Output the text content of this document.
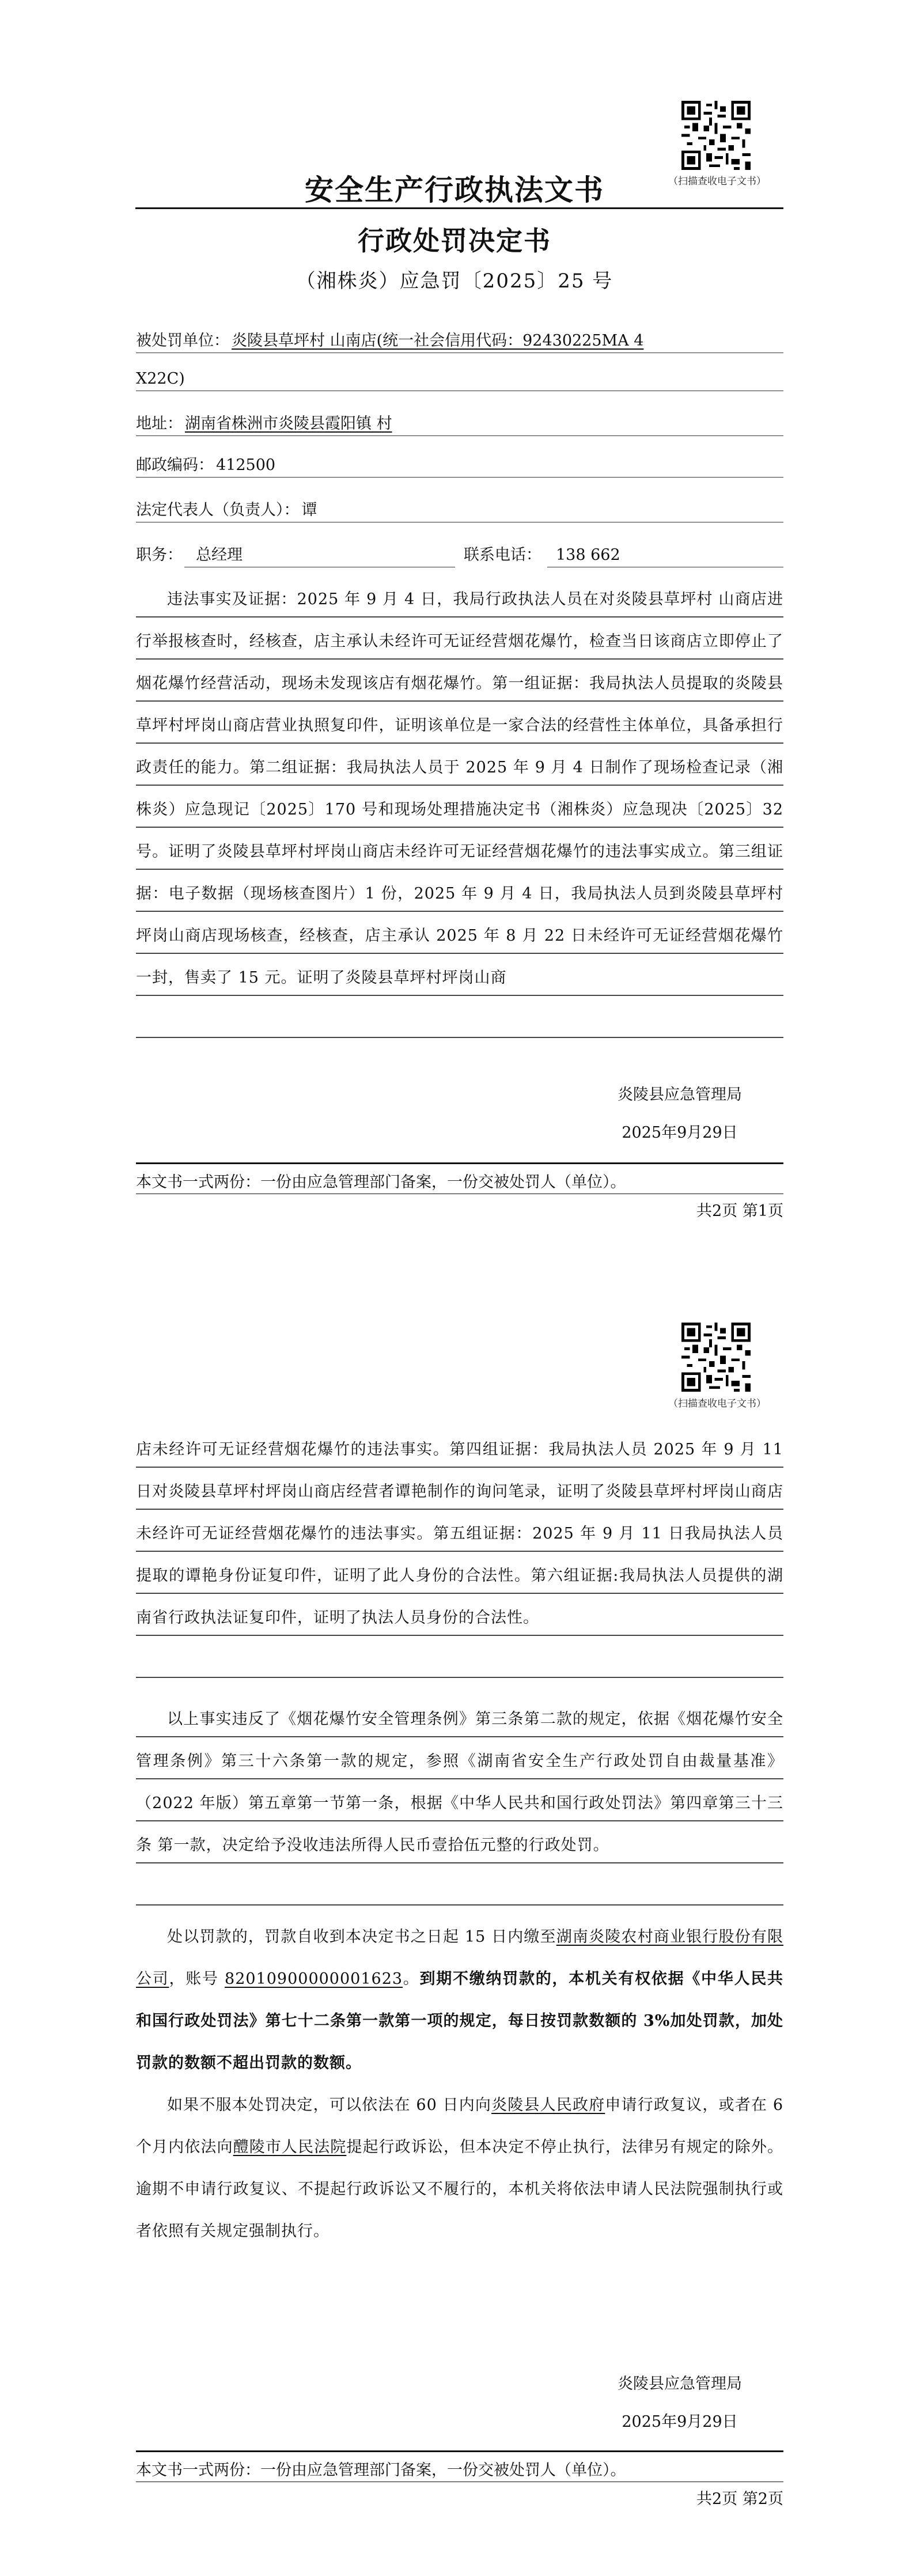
（扫描查收电子文书）
安全生产行政执法文书
行政处罚决定书
（湘株炎）应急罚〔2025〕25 号
被处罚单位： 炎陵县草坪村 山南店(统一社会信用代码：92430225MA 4
X22C)
地址： 湖南省株洲市炎陵县霞阳镇 村
邮政编码： 412500
法定代表人（负责人）： 谭
职务： 总经理	联系电话： 138 662
违法事实及证据：2025 年 9 月 4 日，我局行政执法人员在对炎陵县草坪村 山商店进行举报核查时，经核查，店主承认未经许可无证经营烟花爆竹，检查当日该商店立即停止了烟花爆竹经营活动，现场未发现该店有烟花爆竹。第一组证据：我局执法人员提取的炎陵县草坪村坪岗山商店营业执照复印件，证明该单位是一家合法的经营性主体单位，具备承担行政责任的能力。第二组证据：我局执法人员于 2025 年 9 月 4 日制作了现场检查记录（湘株炎）应急现记〔2025〕170 号和现场处理措施决定书（湘株炎）应急现决〔2025〕32 号。证明了炎陵县草坪村坪岗山商店未经许可无证经营烟花爆竹的违法事实成立。第三组证据：电子数据（现场核查图片）1 份，2025 年 9 月 4 日，我局执法人员到炎陵县草坪村坪岗山商店现场核查，经核查，店主承认 2025 年 8 月 22 日未经许可无证经营烟花爆竹一封，售卖了 15 元。证明了炎陵县草坪村坪岗山商
炎陵县应急管理局
2025年9月29日
本文书一式两份：一份由应急管理部门备案，一份交被处罚人（单位）。
共2页 第1页
（扫描查收电子文书）
店未经许可无证经营烟花爆竹的违法事实。第四组证据：我局执法人员 2025 年 9 月 11 日对炎陵县草坪村坪岗山商店经营者谭艳制作的询问笔录，证明了炎陵县草坪村坪岗山商店未经许可无证经营烟花爆竹的违法事实。第五组证据：2025 年 9 月 11 日我局执法人员提取的谭艳身份证复印件，证明了此人身份的合法性。第六组证据:我局执法人员提供的湖南省行政执法证复印件，证明了执法人员身份的合法性。
以上事实违反了《烟花爆竹安全管理条例》第三条第二款的规定，依据《烟花爆竹安全管理条例》第三十六条第一款的规定，参照《湖南省安全生产行政处罚自由裁量基准》（2022 年版）第五章第一节第一条，根据《中华人民共和国行政处罚法》第四章第三十三条 第一款，决定给予没收违法所得人民币壹拾伍元整的行政处罚。
处以罚款的，罚款自收到本决定书之日起 15 日内缴至湖南炎陵农村商业银行股份有限公司，账号 82010900000001623。到期不缴纳罚款的，本机关有权依据《中华人民共和国行政处罚法》第七十二条第一款第一项的规定，每日按罚款数额的 3%加处罚款，加处罚款的数额不超出罚款的数额。
如果不服本处罚决定，可以依法在 60 日内向炎陵县人民政府申请行政复议，或者在 6 个月内依法向醴陵市人民法院提起行政诉讼，但本决定不停止执行，法律另有规定的除外。逾期不申请行政复议、不提起行政诉讼又不履行的，本机关将依法申请人民法院强制执行或者依照有关规定强制执行。
炎陵县应急管理局
2025年9月29日
本文书一式两份：一份由应急管理部门备案，一份交被处罚人（单位）。
共2页 第2页
